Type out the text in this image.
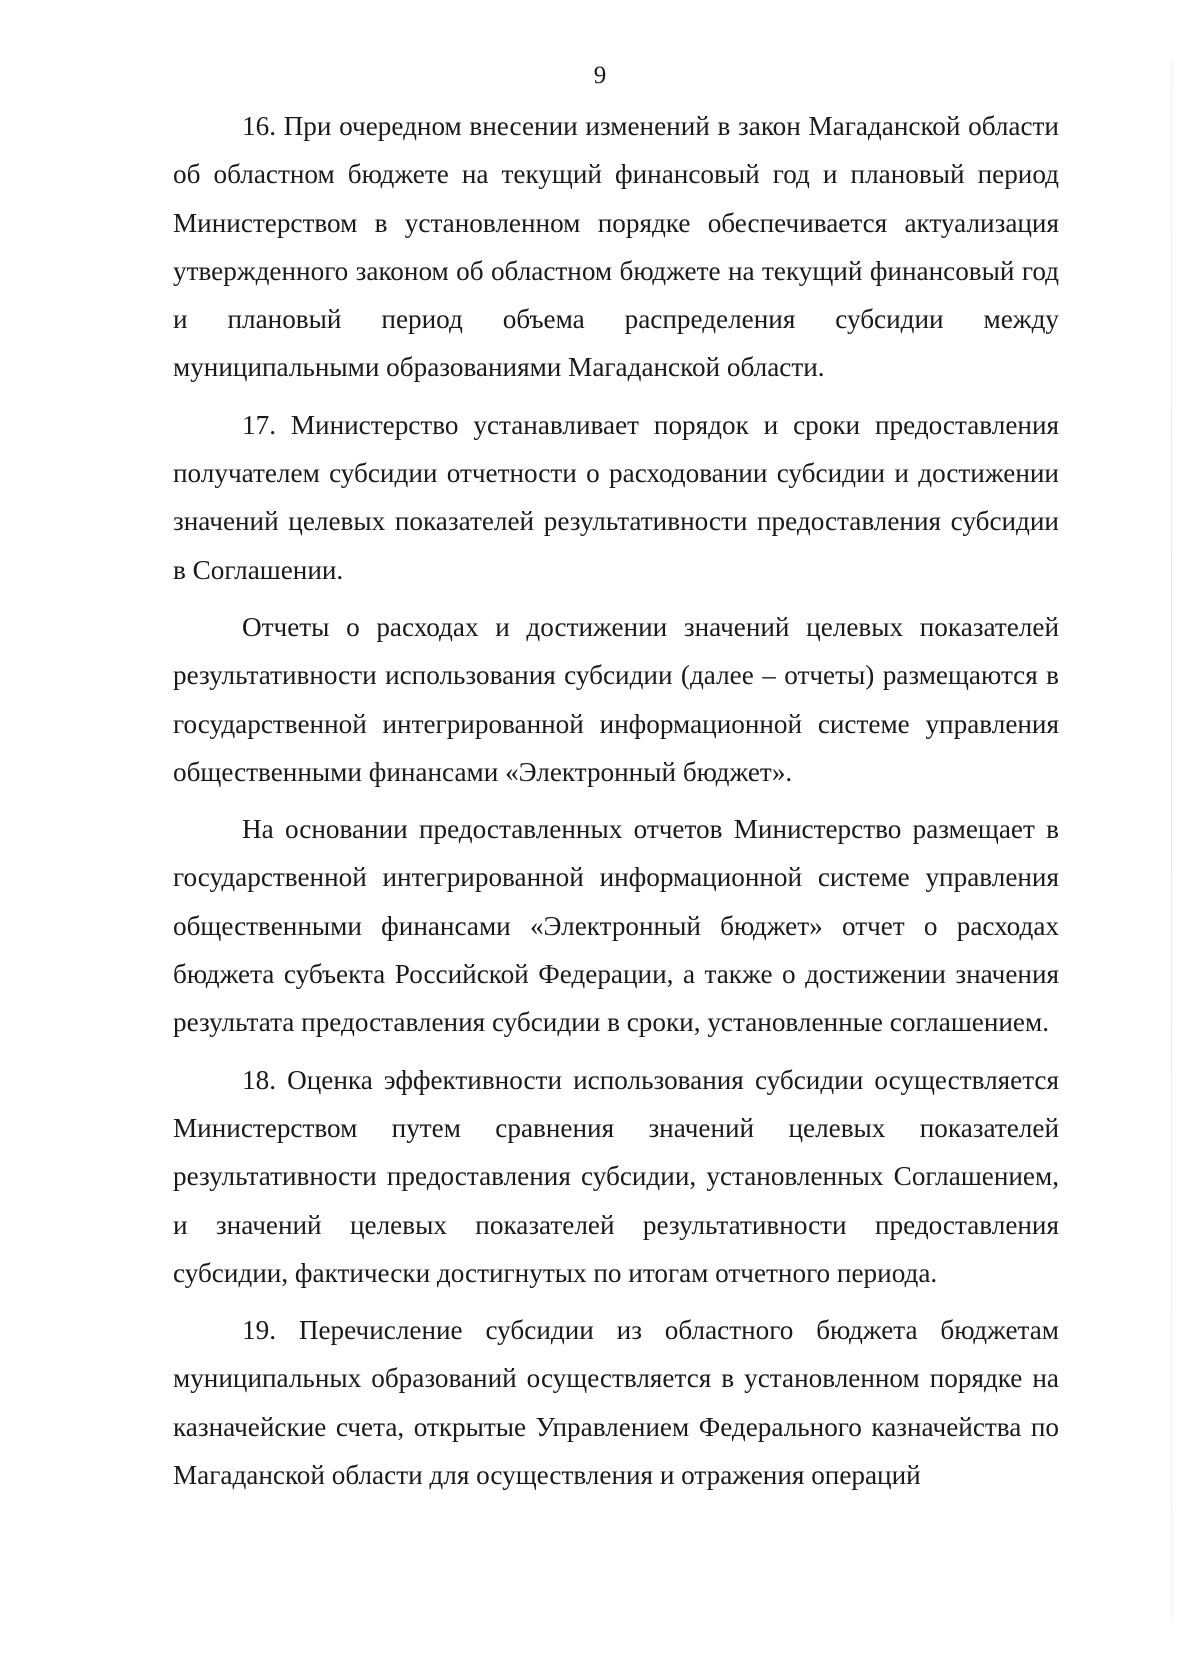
9

16. При очередном внесении изменений в закон Магаданской области об областном бюджете на текущий финансовый год и плановый период Министерством в установленном порядке обеспечивается актуализация утвержденного законом об областном бюджете на текущий финансовый год и плановый период объема распределения субсидии между муниципальными образованиями Магаданской области.

17. Министерство устанавливает порядок и сроки предоставления получателем субсидии отчетности о расходовании субсидии и достижении значений целевых показателей результативности предоставления субсидии в Соглашении.

Отчеты о расходах и достижении значений целевых показателей результативности использования субсидии (далее – отчеты) размещаются в государственной интегрированной информационной системе управления общественными финансами «Электронный бюджет».

На основании предоставленных отчетов Министерство размещает в государственной интегрированной информационной системе управления общественными финансами «Электронный бюджет» отчет о расходах бюджета субъекта Российской Федерации, а также о достижении значения результата предоставления субсидии в сроки, установленные соглашением.

18. Оценка эффективности использования субсидии осуществляется Министерством путем сравнения значений целевых показателей результативности предоставления субсидии, установленных Соглашением, и значений целевых показателей результативности предоставления субсидии, фактически достигнутых по итогам отчетного периода.

19. Перечисление субсидии из областного бюджета бюджетам муниципальных образований осуществляется в установленном порядке на казначейские счета, открытые Управлением Федерального казначейства по Магаданской области для осуществления и отражения операций
